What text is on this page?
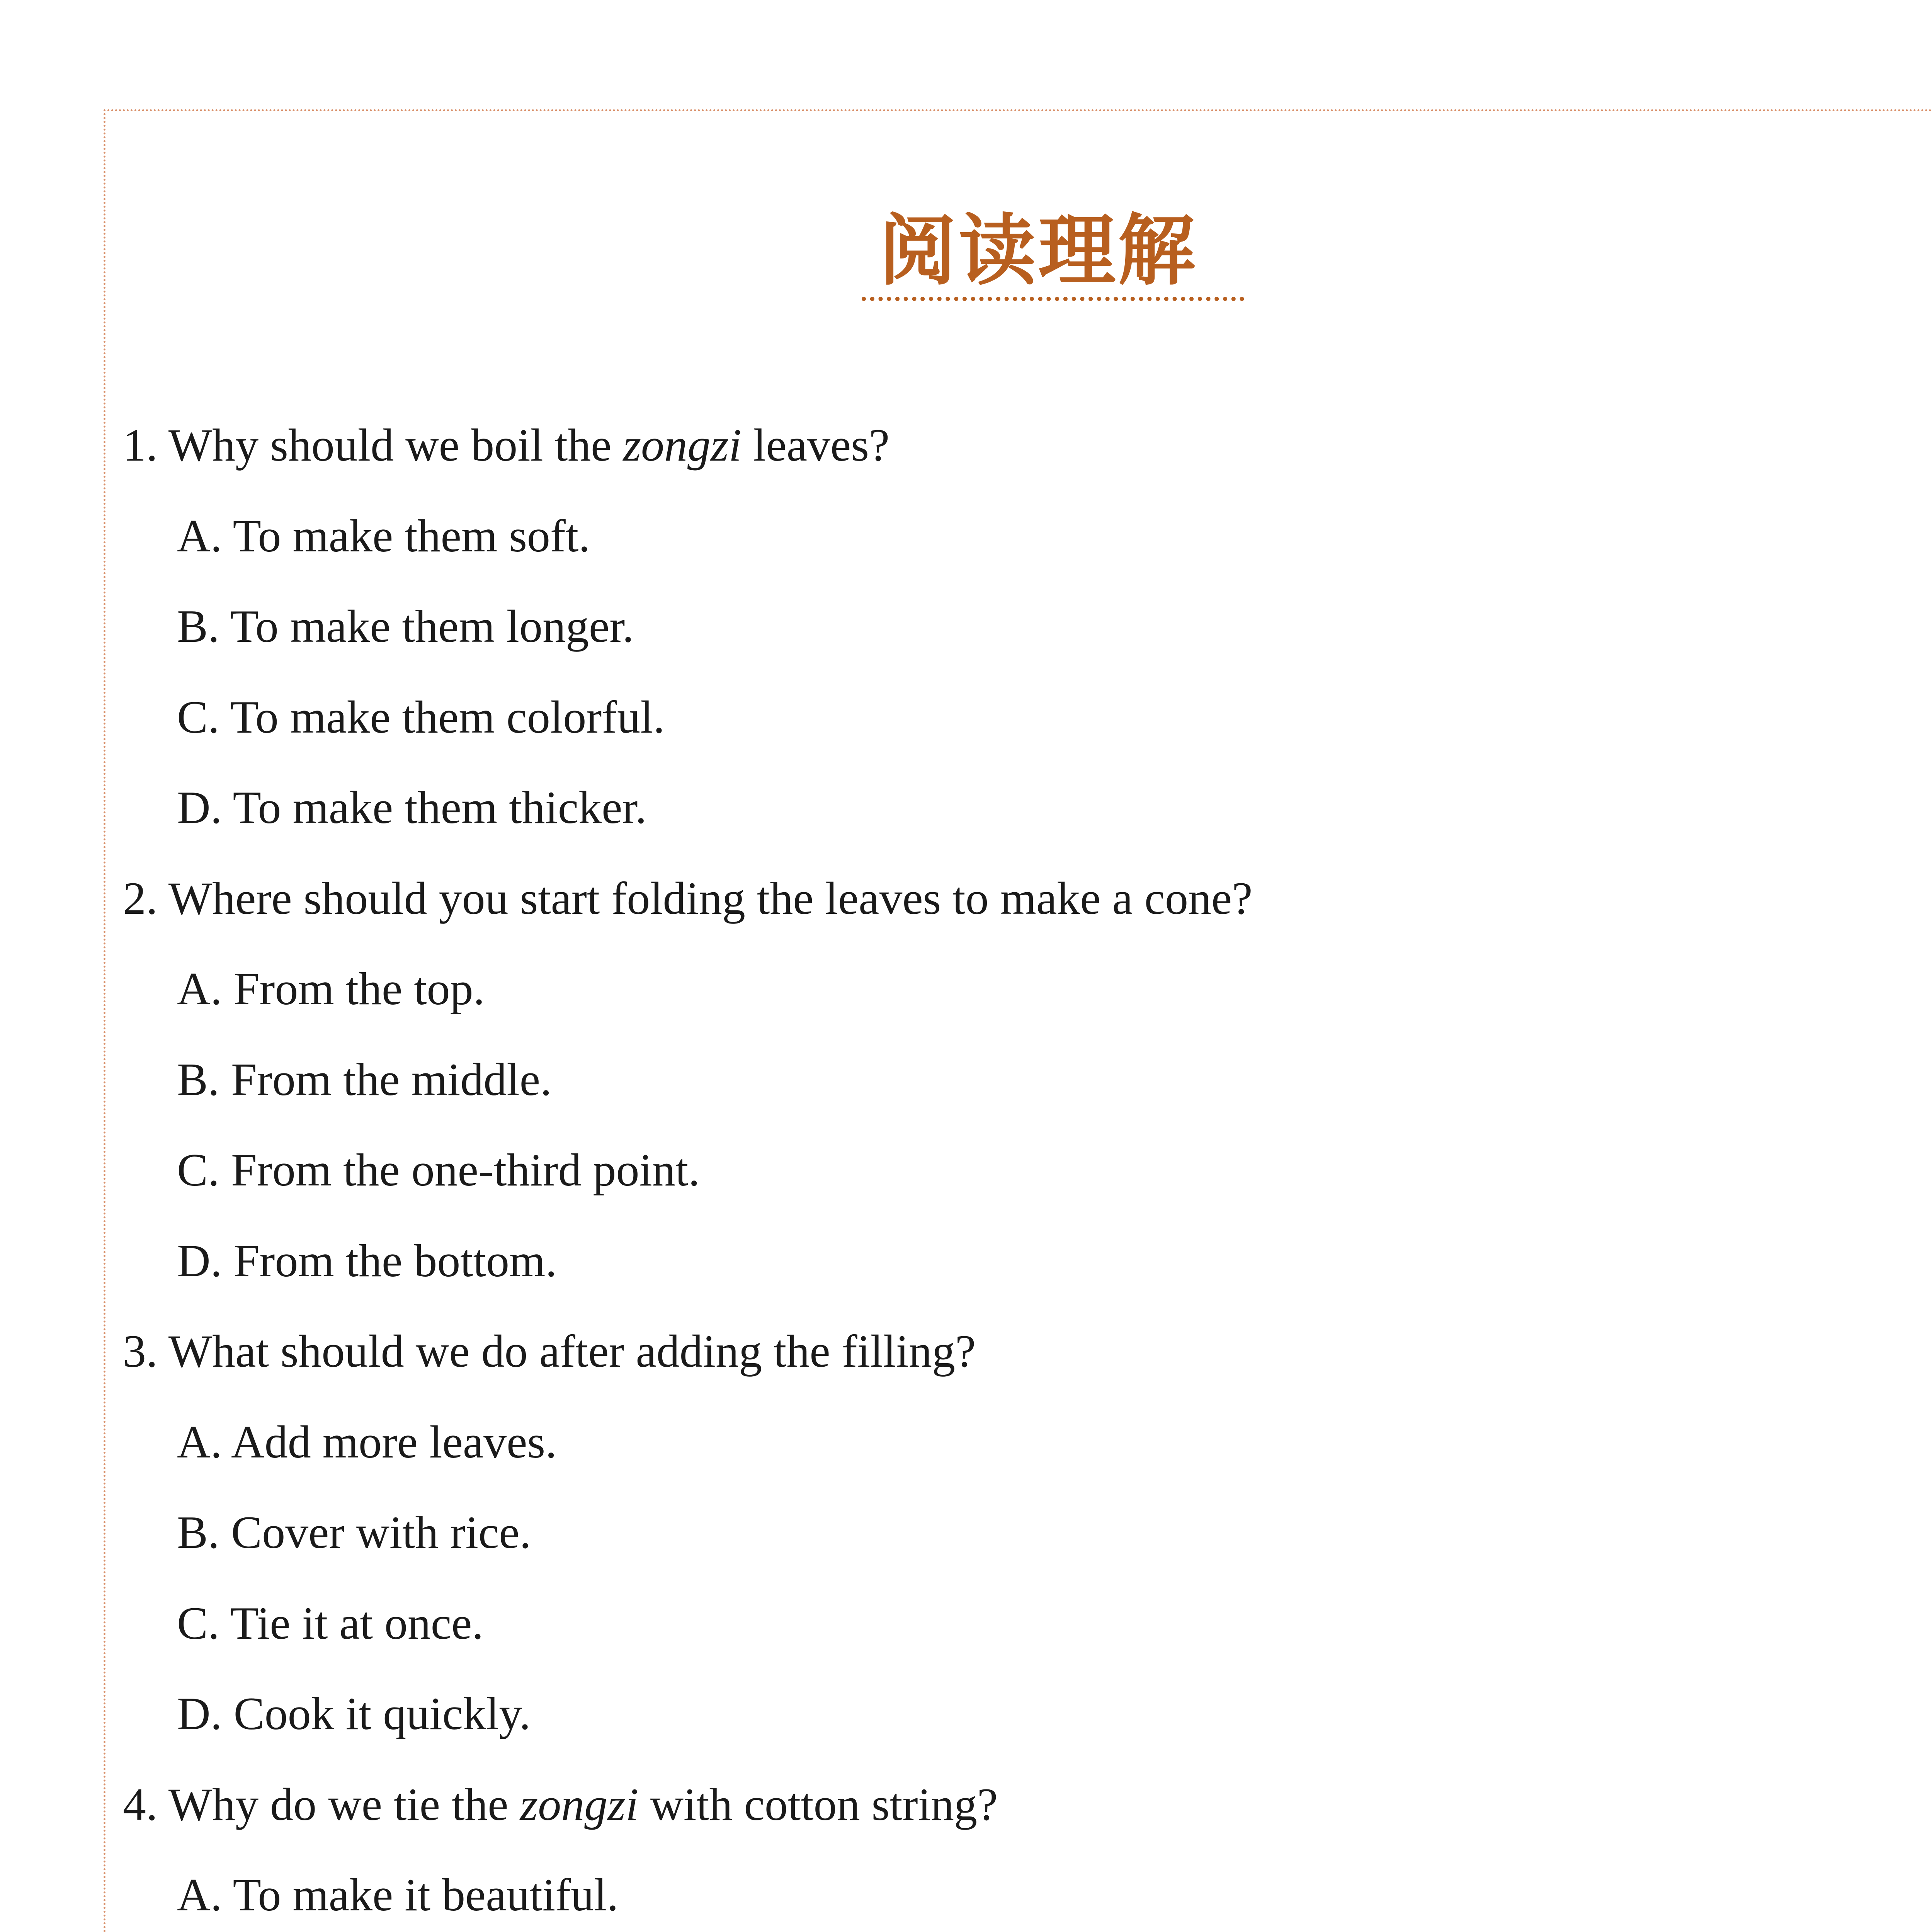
阅读理解
1. Why should we boil the zongzi leaves?
A. To make them soft.
B. To make them longer.
C. To make them colorful.
D. To make them thicker.
2. Where should you start folding the leaves to make a cone?
A. From the top.
B. From the middle.
C. From the one-third point.
D. From the bottom.
3. What should we do after adding the filling?
A. Add more leaves.
B. Cover with rice.
C. Tie it at once.
D. Cook it quickly.
4. Why do we tie the zongzi with cotton string?
A. To make it beautiful.
